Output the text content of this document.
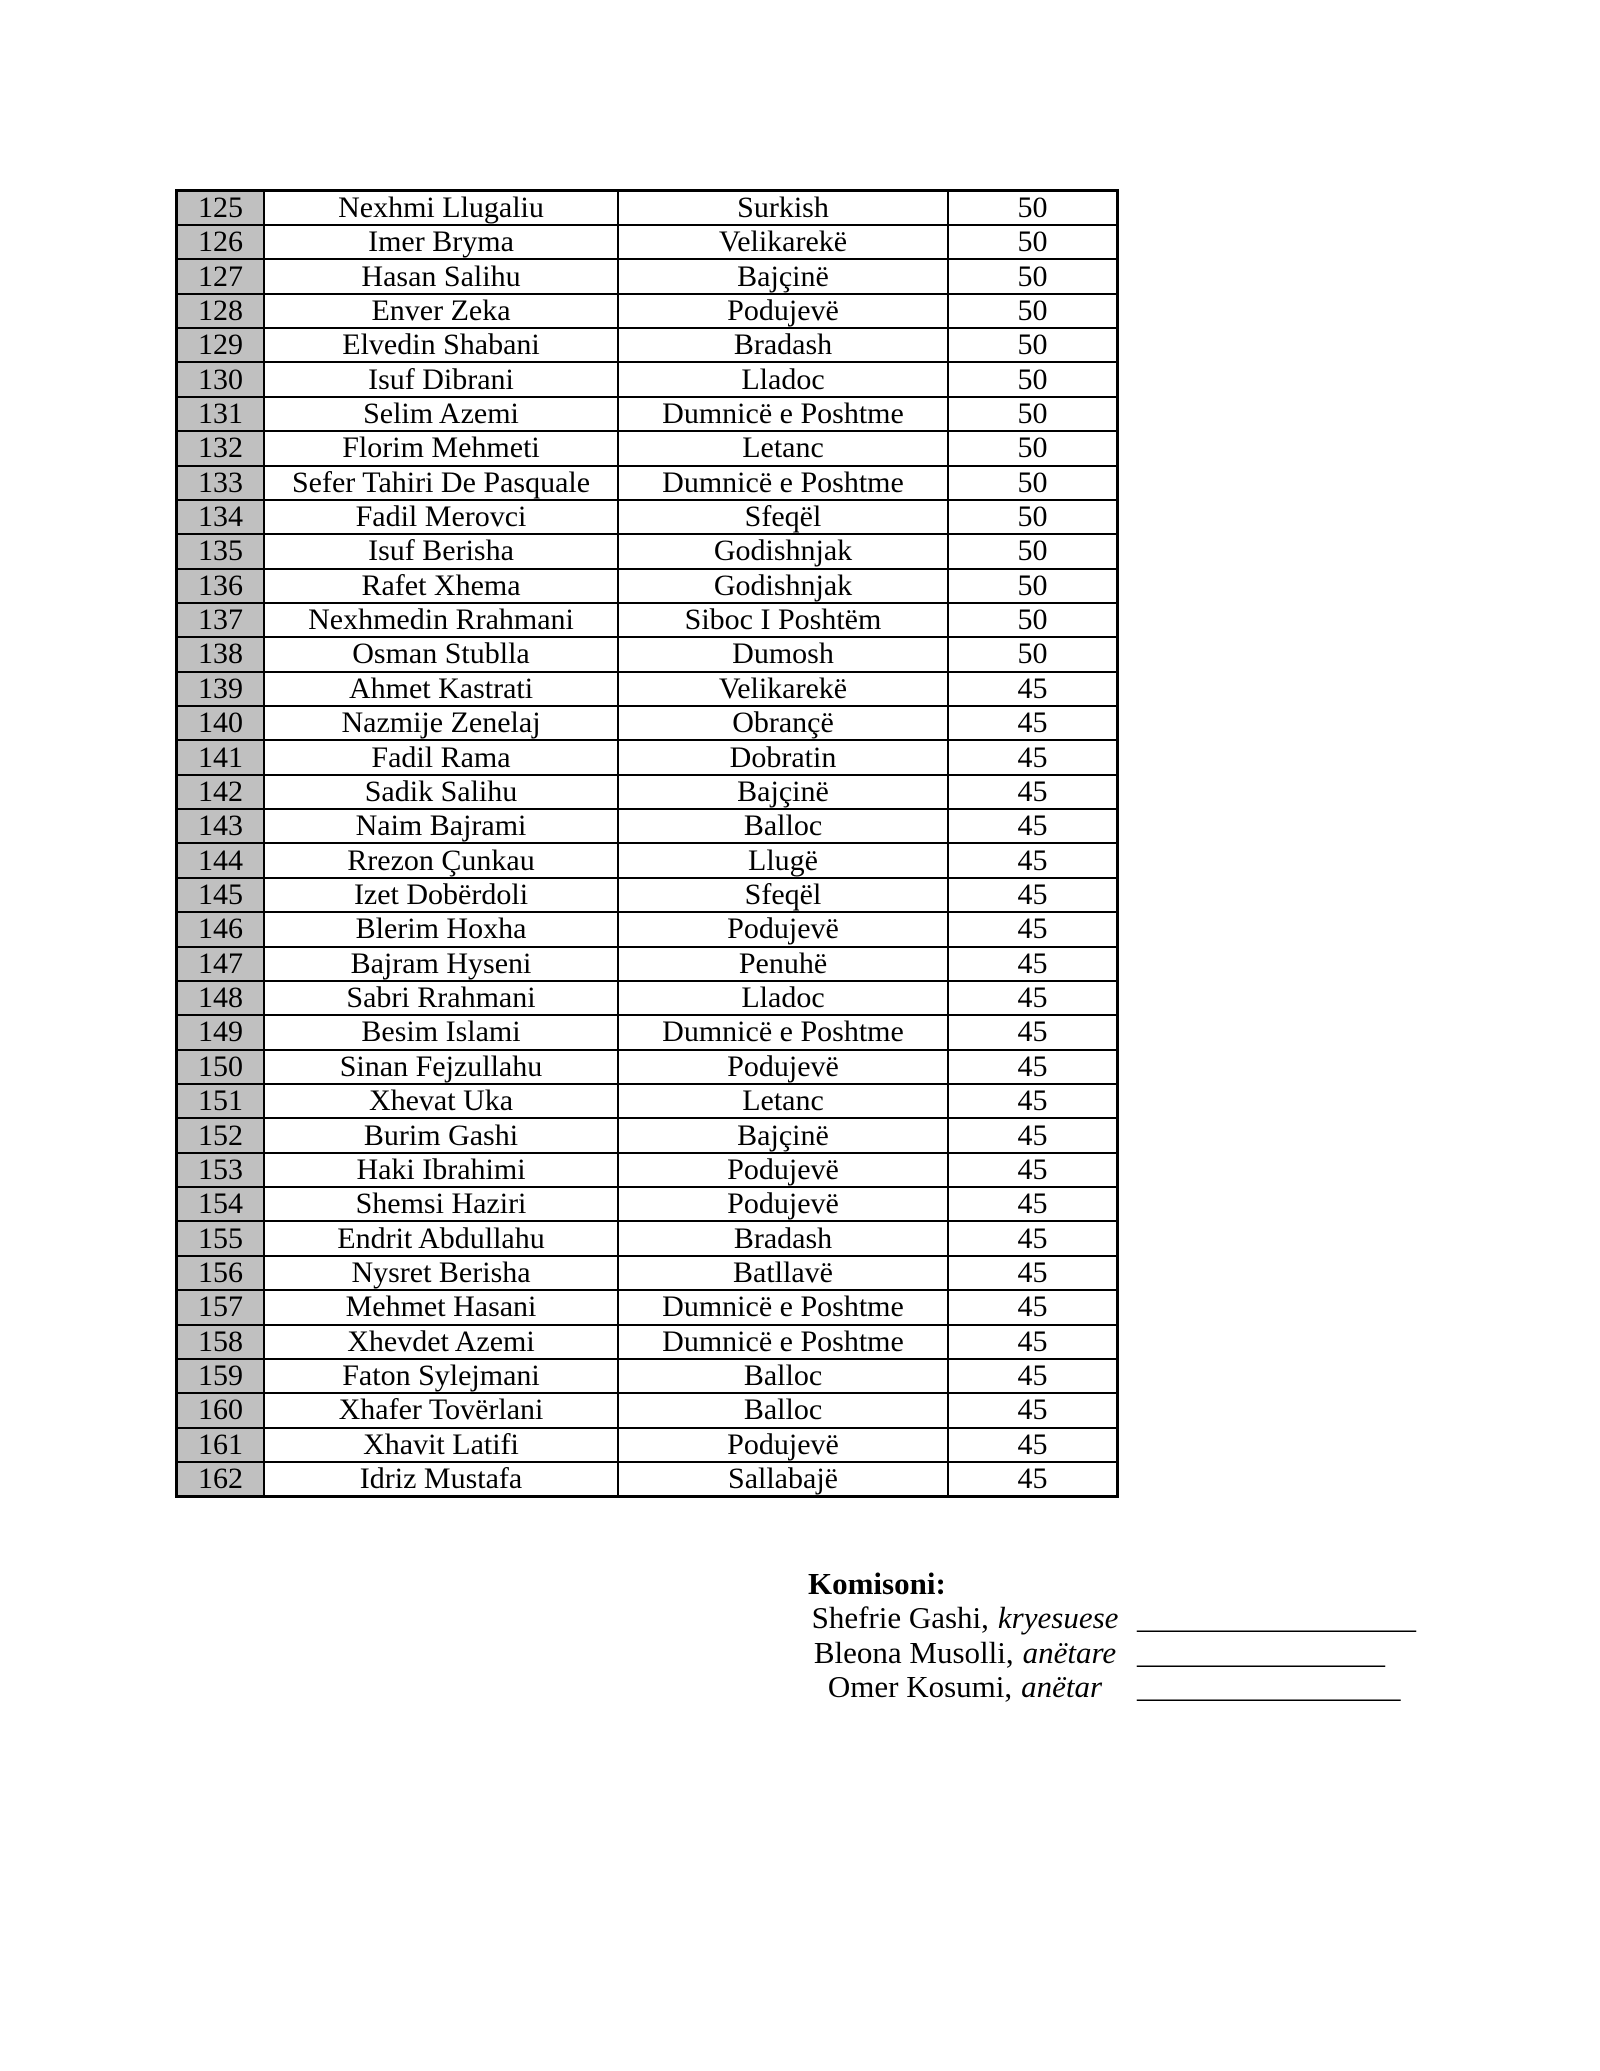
125	Nexhmi Llugaliu	Surkish	50
126	Imer Bryma	Velikarekë	50
127	Hasan Salihu	Bajçinë	50
128	Enver Zeka	Podujevë	50
129	Elvedin Shabani	Bradash	50
130	Isuf Dibrani	Lladoc	50
131	Selim Azemi	Dumnicë e Poshtme	50
132	Florim Mehmeti	Letanc	50
133	Sefer Tahiri De Pasquale	Dumnicë e Poshtme	50
134	Fadil Merovci	Sfeqël	50
135	Isuf Berisha	Godishnjak	50
136	Rafet Xhema	Godishnjak	50
137	Nexhmedin Rrahmani	Siboc I Poshtëm	50
138	Osman Stublla	Dumosh	50
139	Ahmet Kastrati	Velikarekë	45
140	Nazmije Zenelaj	Obrançë	45
141	Fadil Rama	Dobratin	45
142	Sadik Salihu	Bajçinë	45
143	Naim Bajrami	Balloc	45
144	Rrezon Çunkau	Llugë	45
145	Izet Dobërdoli	Sfeqël	45
146	Blerim Hoxha	Podujevë	45
147	Bajram Hyseni	Penuhë	45
148	Sabri Rrahmani	Lladoc	45
149	Besim Islami	Dumnicë e Poshtme	45
150	Sinan Fejzullahu	Podujevë	45
151	Xhevat Uka	Letanc	45
152	Burim Gashi	Bajçinë	45
153	Haki Ibrahimi	Podujevë	45
154	Shemsi Haziri	Podujevë	45
155	Endrit Abdullahu	Bradash	45
156	Nysret Berisha	Batllavë	45
157	Mehmet Hasani	Dumnicë e Poshtme	45
158	Xhevdet Azemi	Dumnicë e Poshtme	45
159	Faton Sylejmani	Balloc	45
160	Xhafer Tovërlani	Balloc	45
161	Xhavit Latifi	Podujevë	45
162	Idriz Mustafa	Sallabajë	45
Komisoni:
Shefrie Gashi, kryesuese __________________
Bleona Musolli, anëtare ________________
Omer Kosumi, anëtar	_________________
